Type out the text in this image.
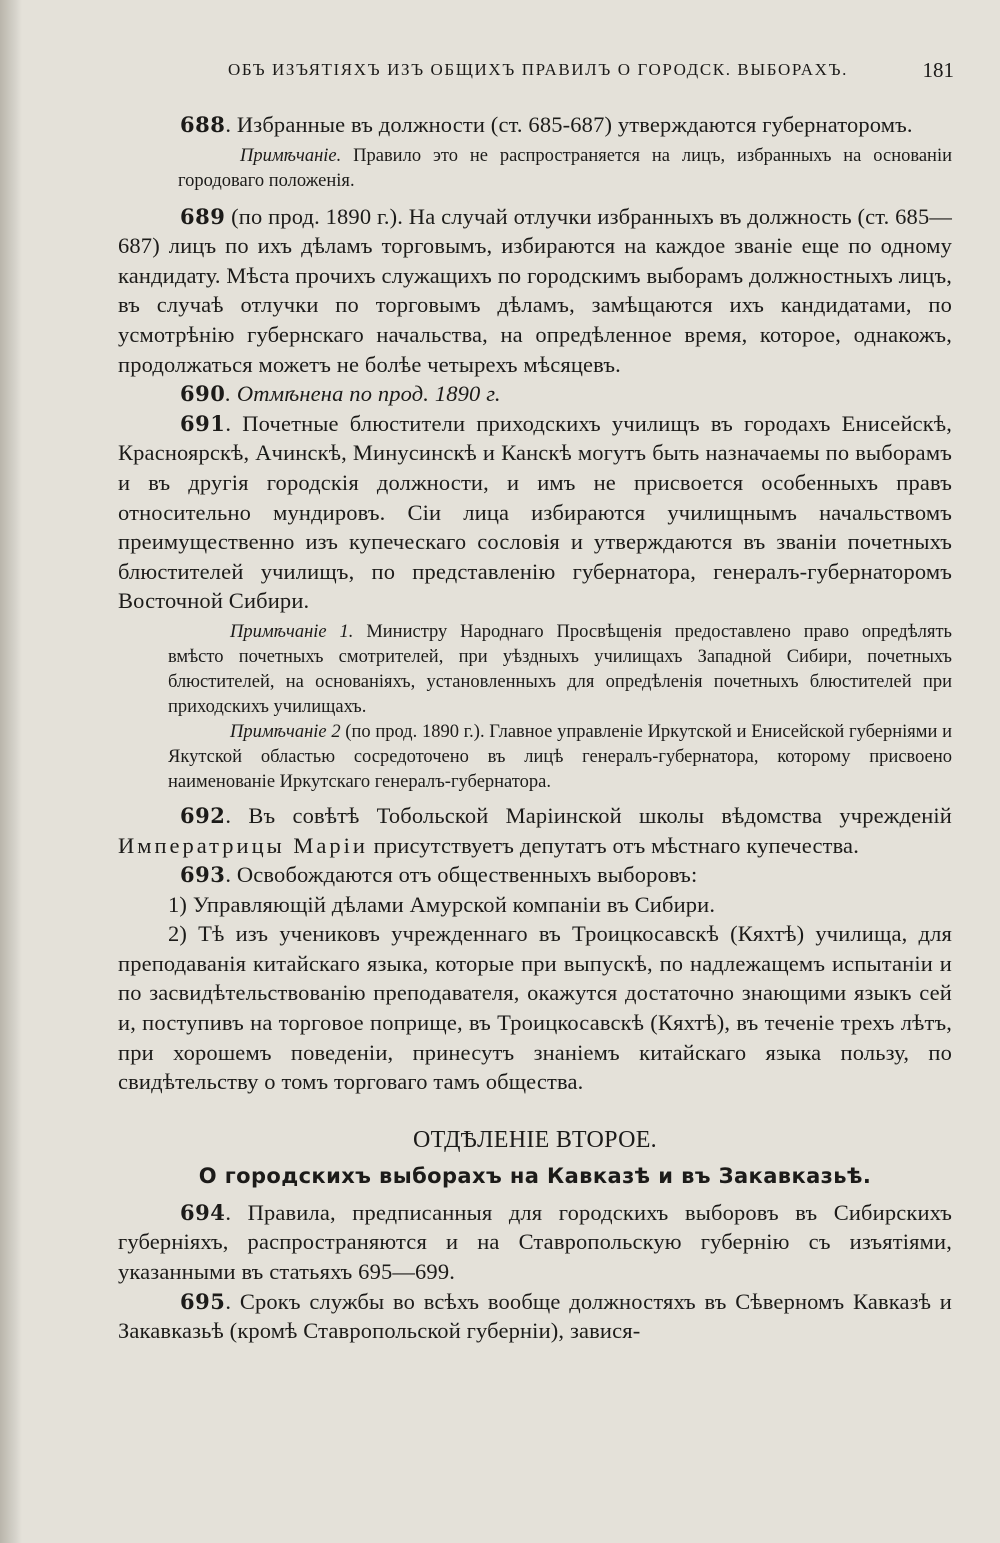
ОБЪ ИЗЪЯТІЯХЪ ИЗЪ ОБЩИХЪ ПРАВИЛЪ О ГОРОДСК. ВЫБОРАХЪ.	181

688. Избранные въ должности (ст. 685-687) утверждаются губернаторомъ.

Примѣчаніе. Правило это не распространяется на лицъ, избранныхъ на основаніи городоваго положенія.

689 (по прод. 1890 г.). На случай отлучки избранныхъ въ должность (ст. 685—687) лицъ по ихъ дѣламъ торговымъ, избираются на каждое званіе еще по одному кандидату. Мѣста прочихъ служащихъ по городскимъ выборамъ должностныхъ лицъ, въ случаѣ отлучки по торговымъ дѣламъ, замѣщаются ихъ кандидатами, по усмотрѣнію губернскаго начальства, на опредѣленное время, которое, однакожъ, продолжаться можетъ не болѣе четырехъ мѣсяцевъ.

690. Отмѣнена по прод. 1890 г.

691. Почетные блюстители приходскихъ училищъ въ городахъ Енисейскѣ, Красноярскѣ, Ачинскѣ, Минусинскѣ и Канскѣ могутъ быть назначаемы по выборамъ и въ другія городскія должности, и имъ не присвоется особенныхъ правъ относительно мундировъ. Сіи лица избираются училищнымъ начальствомъ преимущественно изъ купеческаго сословія и утверждаются въ званіи почетныхъ блюстителей училищъ, по представленію губернатора, генералъ-губернаторомъ Восточной Сибири.

Примѣчаніе 1. Министру Народнаго Просвѣщенія предоставлено право опредѣлять вмѣсто почетныхъ смотрителей, при уѣздныхъ училищахъ Западной Сибири, почетныхъ блюстителей, на основаніяхъ, установленныхъ для опредѣленія почетныхъ блюстителей при приходскихъ училищахъ.

Примѣчаніе 2 (по прод. 1890 г.). Главное управленіе Иркутской и Енисейской губерніями и Якутской областью сосредоточено въ лицѣ генералъ-губернатора, которому присвоено наименованіе Иркутскаго генералъ-губернатора.

692. Въ совѣтѣ Тобольской Маріинской школы вѣдомства учрежденій Императрицы Маріи присутствуетъ депутатъ отъ мѣстнаго купечества.

693. Освобождаются отъ общественныхъ выборовъ:

1) Управляющій дѣлами Амурской компаніи въ Сибири.

2) Тѣ изъ учениковъ учрежденнаго въ Троицкосавскѣ (Кяхтѣ) училища, для преподаванія китайскаго языка, которые при выпускѣ, по надлежащемъ испытаніи и по засвидѣтельствованію преподавателя, окажутся достаточно знающими языкъ сей и, поступивъ на торговое поприще, въ Троицкосавскѣ (Кяхтѣ), въ теченіе трехъ лѣтъ, при хорошемъ поведеніи, принесутъ знаніемъ китайскаго языка пользу, по свидѣтельству о томъ торговаго тамъ общества.

ОТДѢЛЕНІЕ ВТОРОЕ.
О городскихъ выборахъ на Кавказѣ и въ Закавказьѣ.

694. Правила, предписанныя для городскихъ выборовъ въ Сибирскихъ губерніяхъ, распространяются и на Ставропольскую губернію съ изъятіями, указанными въ статьяхъ 695—699.

695. Срокъ службы во всѣхъ вообще должностяхъ въ Сѣверномъ Кавказѣ и Закавказьѣ (кромѣ Ставропольской губерніи), завися-
